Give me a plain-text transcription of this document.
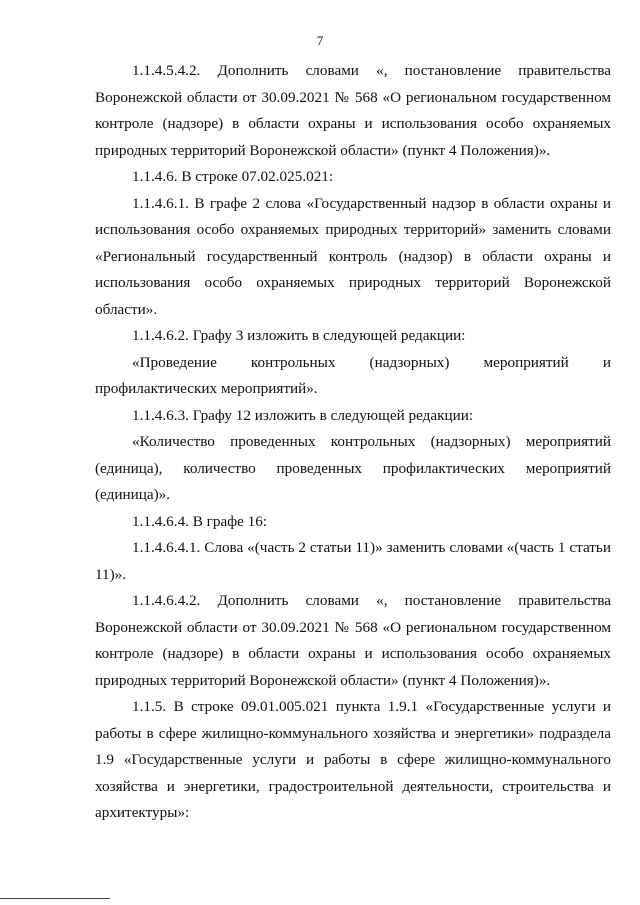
7

1.1.4.5.4.2. Дополнить словами «, постановление правительства Воронежской области от 30.09.2021 № 568 «О региональном государственном контроле (надзоре) в области охраны и использования особо охраняемых природных территорий Воронежской области» (пункт 4 Положения)».

1.1.4.6. В строке 07.02.025.021:

1.1.4.6.1. В графе 2 слова «Государственный надзор в области охраны и использования особо охраняемых природных территорий» заменить словами «Региональный государственный контроль (надзор) в области охраны и использования особо охраняемых природных территорий Воронежской области».

1.1.4.6.2. Графу 3 изложить в следующей редакции:

«Проведение контрольных (надзорных) мероприятий и профилактических мероприятий».

1.1.4.6.3. Графу 12 изложить в следующей редакции:

«Количество проведенных контрольных (надзорных) мероприятий (единица), количество проведенных профилактических мероприятий (единица)».

1.1.4.6.4. В графе 16:

1.1.4.6.4.1. Слова «(часть 2 статьи 11)» заменить словами «(часть 1 статьи 11)».

1.1.4.6.4.2. Дополнить словами «, постановление правительства Воронежской области от 30.09.2021 № 568 «О региональном государственном контроле (надзоре) в области охраны и использования особо охраняемых природных территорий Воронежской области» (пункт 4 Положения)».

1.1.5. В строке 09.01.005.021 пункта 1.9.1 «Государственные услуги и работы в сфере жилищно-коммунального хозяйства и энергетики» подраздела 1.9 «Государственные услуги и работы в сфере жилищно-коммунального хозяйства и энергетики, градостроительной деятельности, строительства и архитектуры»:
